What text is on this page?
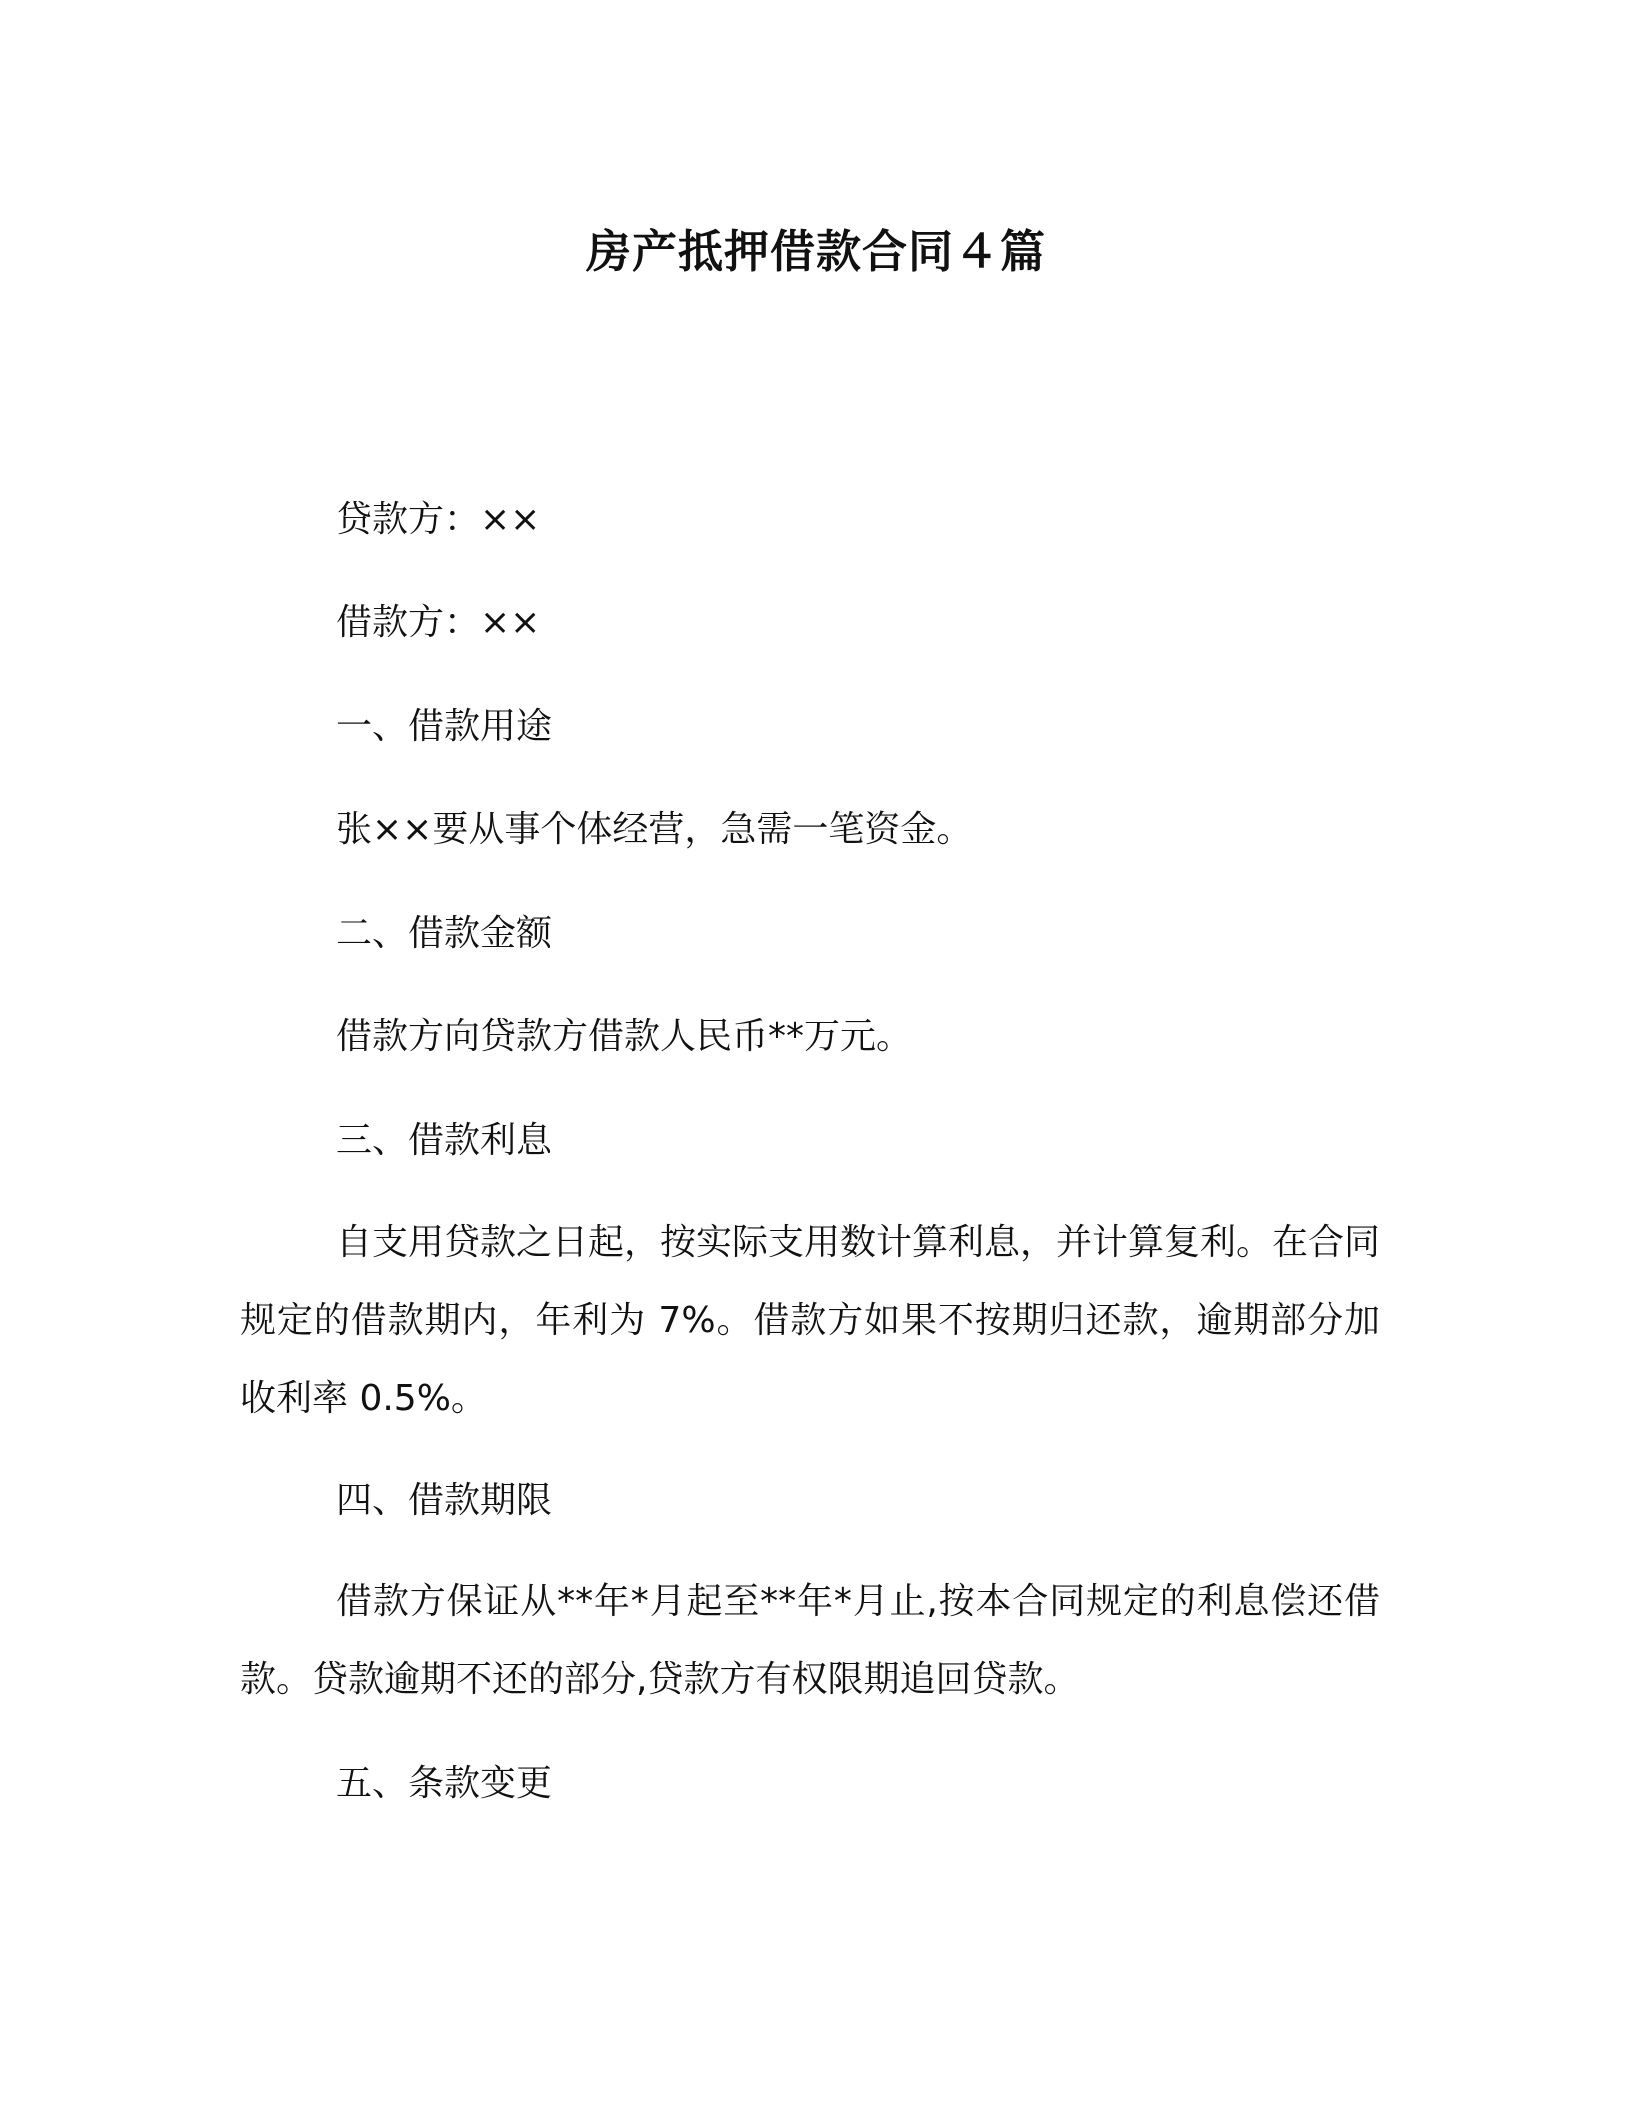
房产抵押借款合同４篇
贷款方：××
借款方：××
一、借款用途
张××要从事个体经营，急需一笔资金。
二、借款金额
借款方向贷款方借款人民币**万元。
三、借款利息
自支用贷款之日起，按实际支用数计算利息，并计算复利。在合同规定的借款期内，年利为 7%。借款方如果不按期归还款，逾期部分加收利率 0.5%。
四、借款期限
借款方保证从**年*月起至**年*月止,按本合同规定的利息偿还借款。贷款逾期不还的部分,贷款方有权限期追回贷款。
五、条款变更
